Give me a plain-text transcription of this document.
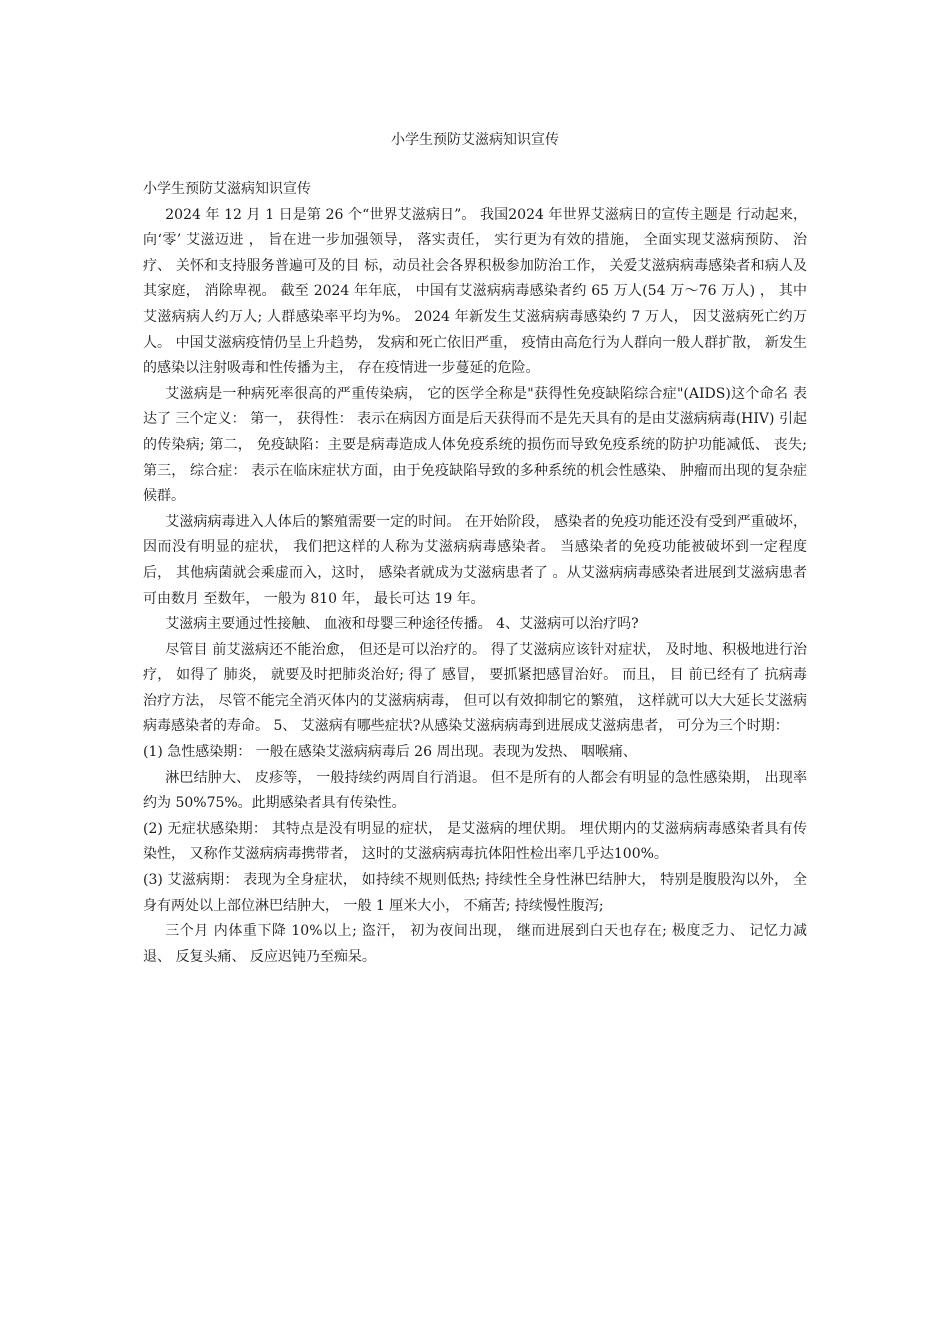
小学生预防艾滋病知识宣传

小学生预防艾滋病知识宣传

2024 年 12 月 1 日是第 26 个“世界艾滋病日”。 我国2024 年世界艾滋病日的宣传主题是 行动起来， 向‘零’ 艾滋迈进 ， 旨在进一步加强领导， 落实责任， 实行更为有效的措施， 全面实现艾滋病预防、 治疗、 关怀和支持服务普遍可及的目 标，动员社会各界积极参加防治工作， 关爱艾滋病病毒感染者和病人及其家庭， 消除卑视。 截至 2024 年年底， 中国有艾滋病病毒感染者约 65 万人(54 万～76 万人) ， 其中艾滋病病人约万人; 人群感染率平均为%。 2024 年新发生艾滋病病毒感染约 7 万人， 因艾滋病死亡约万人。 中国艾滋病疫情仍呈上升趋势， 发病和死亡依旧严重， 疫情由高危行为人群向一般人群扩散， 新发生的感染以注射吸毒和性传播为主， 存在疫情进一步蔓延的危险。

艾滋病是一种病死率很高的严重传染病， 它的医学全称是"获得性免疫缺陷综合症"(AIDS)这个命名 表达了 三个定义： 第一， 获得性： 表示在病因方面是后天获得而不是先天具有的是由艾滋病病毒(HIV) 引起的传染病; 第二， 免疫缺陷：主要是病毒造成人体免疫系统的损伤而导致免疫系统的防护功能减低、 丧失; 第三， 综合症： 表示在临床症状方面，由于免疫缺陷导致的多种系统的机会性感染、 肿瘤而出现的复杂症候群。

艾滋病病毒进入人体后的繁殖需要一定的时间。 在开始阶段， 感染者的免疫功能还没有受到严重破坏， 因而没有明显的症状， 我们把这样的人称为艾滋病病毒感染者。 当感染者的免疫功能被破坏到一定程度后， 其他病菌就会乘虚而入，这时， 感染者就成为艾滋病患者了 。从艾滋病病毒感染者进展到艾滋病患者可由数月 至数年， 一般为 810 年， 最长可达 19 年。

艾滋病主要通过性接触、 血液和母婴三种途径传播。 4、艾滋病可以治疗吗?

尽管目 前艾滋病还不能治愈， 但还是可以治疗的。 得了艾滋病应该针对症状， 及时地、积极地进行治疗， 如得了 肺炎， 就要及时把肺炎治好; 得了 感冒， 要抓紧把感冒治好。 而且， 目 前已经有了 抗病毒治疗方法， 尽管不能完全消灭体内的艾滋病病毒， 但可以有效抑制它的繁殖， 这样就可以大大延长艾滋病病毒感染者的寿命。 5、 艾滋病有哪些症状?从感染艾滋病病毒到进展成艾滋病患者， 可分为三个时期：

(1) 急性感染期： 一般在感染艾滋病病毒后 26 周出现。表现为发热、 咽喉痛、

淋巴结肿大、 皮疹等， 一般持续约两周自行消退。 但不是所有的人都会有明显的急性感染期， 出现率约为 50%75%。此期感染者具有传染性。

(2) 无症状感染期： 其特点是没有明显的症状， 是艾滋病的埋伏期。 埋伏期内的艾滋病病毒感染者具有传染性， 又称作艾滋病病毒携带者， 这时的艾滋病病毒抗体阳性检出率几乎达100%。

(3) 艾滋病期： 表现为全身症状， 如持续不规则低热; 持续性全身性淋巴结肿大， 特别是腹股沟以外， 全身有两处以上部位淋巴结肿大， 一般 1 厘米大小， 不痛苦; 持续慢性腹泻;

三个月 内体重下降 10%以上; 盗汗， 初为夜间出现， 继而进展到白天也存在; 极度乏力、 记忆力减退、 反复头痛、 反应迟钝乃至痴呆。
